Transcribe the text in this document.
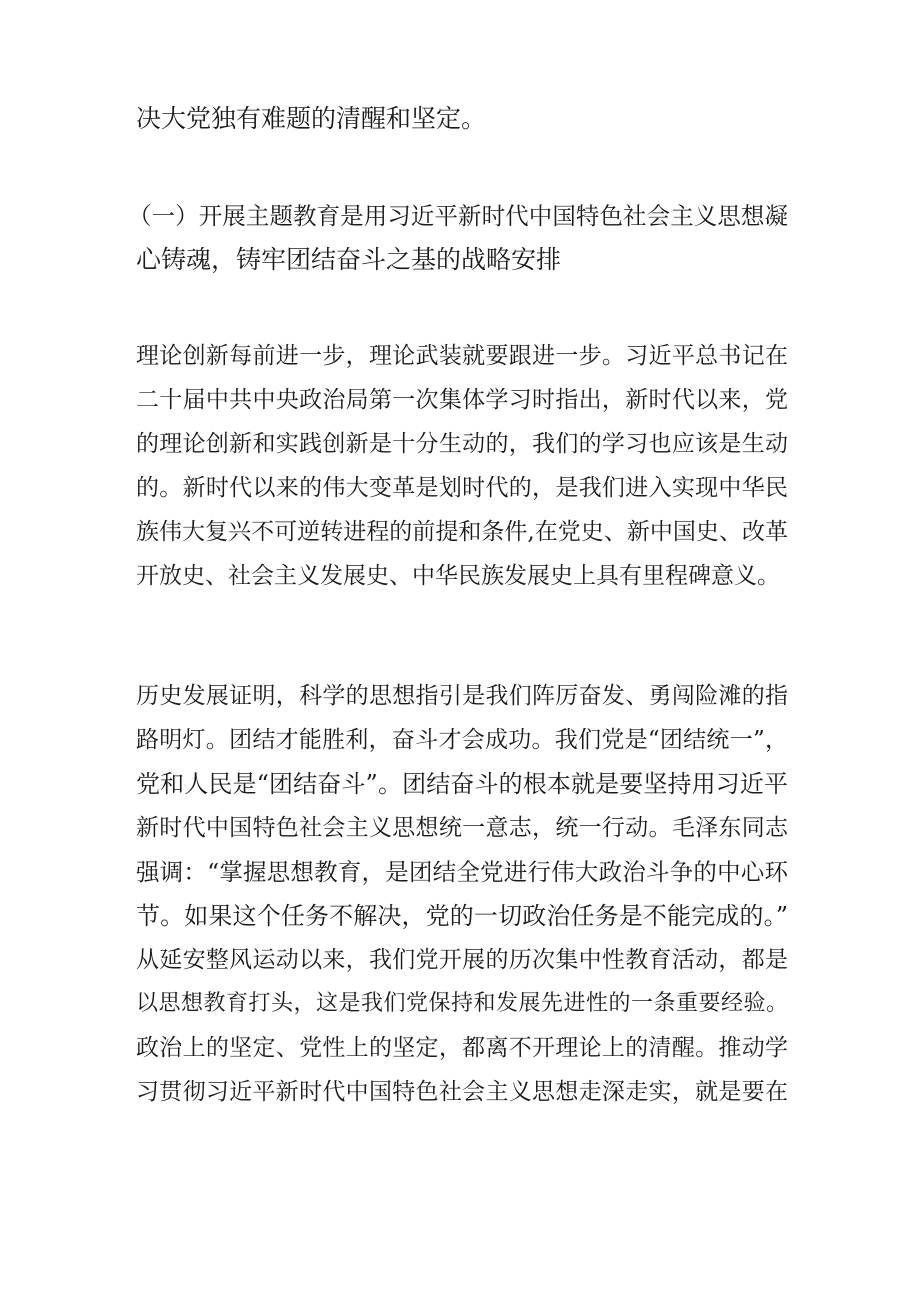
决大党独有难题的清醒和坚定。
（一）开展主题教育是用习近平新时代中国特色社会主义思想凝
心铸魂，铸牢团结奋斗之基的战略安排
理论创新每前进一步，理论武装就要跟进一步。习近平总书记在
二十届中共中央政治局第一次集体学习时指出，新时代以来，党
的理论创新和实践创新是十分生动的，我们的学习也应该是生动
的。新时代以来的伟大变革是划时代的，是我们进入实现中华民
族伟大复兴不可逆转进程的前提和条件,在党史、新中国史、改革
开放史、社会主义发展史、中华民族发展史上具有里程碑意义。
历史发展证明，科学的思想指引是我们阵厉奋发、勇闯险滩的指
路明灯。团结才能胜利，奋斗才会成功。我们党是“团结统一”，
党和人民是“团结奋斗”。团结奋斗的根本就是要坚持用习近平
新时代中国特色社会主义思想统一意志，统一行动。毛泽东同志
强调：“掌握思想教育，是团结全党进行伟大政治斗争的中心环
节。如果这个任务不解决，党的一切政治任务是不能完成的。”
从延安整风运动以来，我们党开展的历次集中性教育活动，都是
以思想教育打头，这是我们党保持和发展先进性的一条重要经验。
政治上的坚定、党性上的坚定，都离不开理论上的清醒。推动学
习贯彻习近平新时代中国特色社会主义思想走深走实，就是要在
